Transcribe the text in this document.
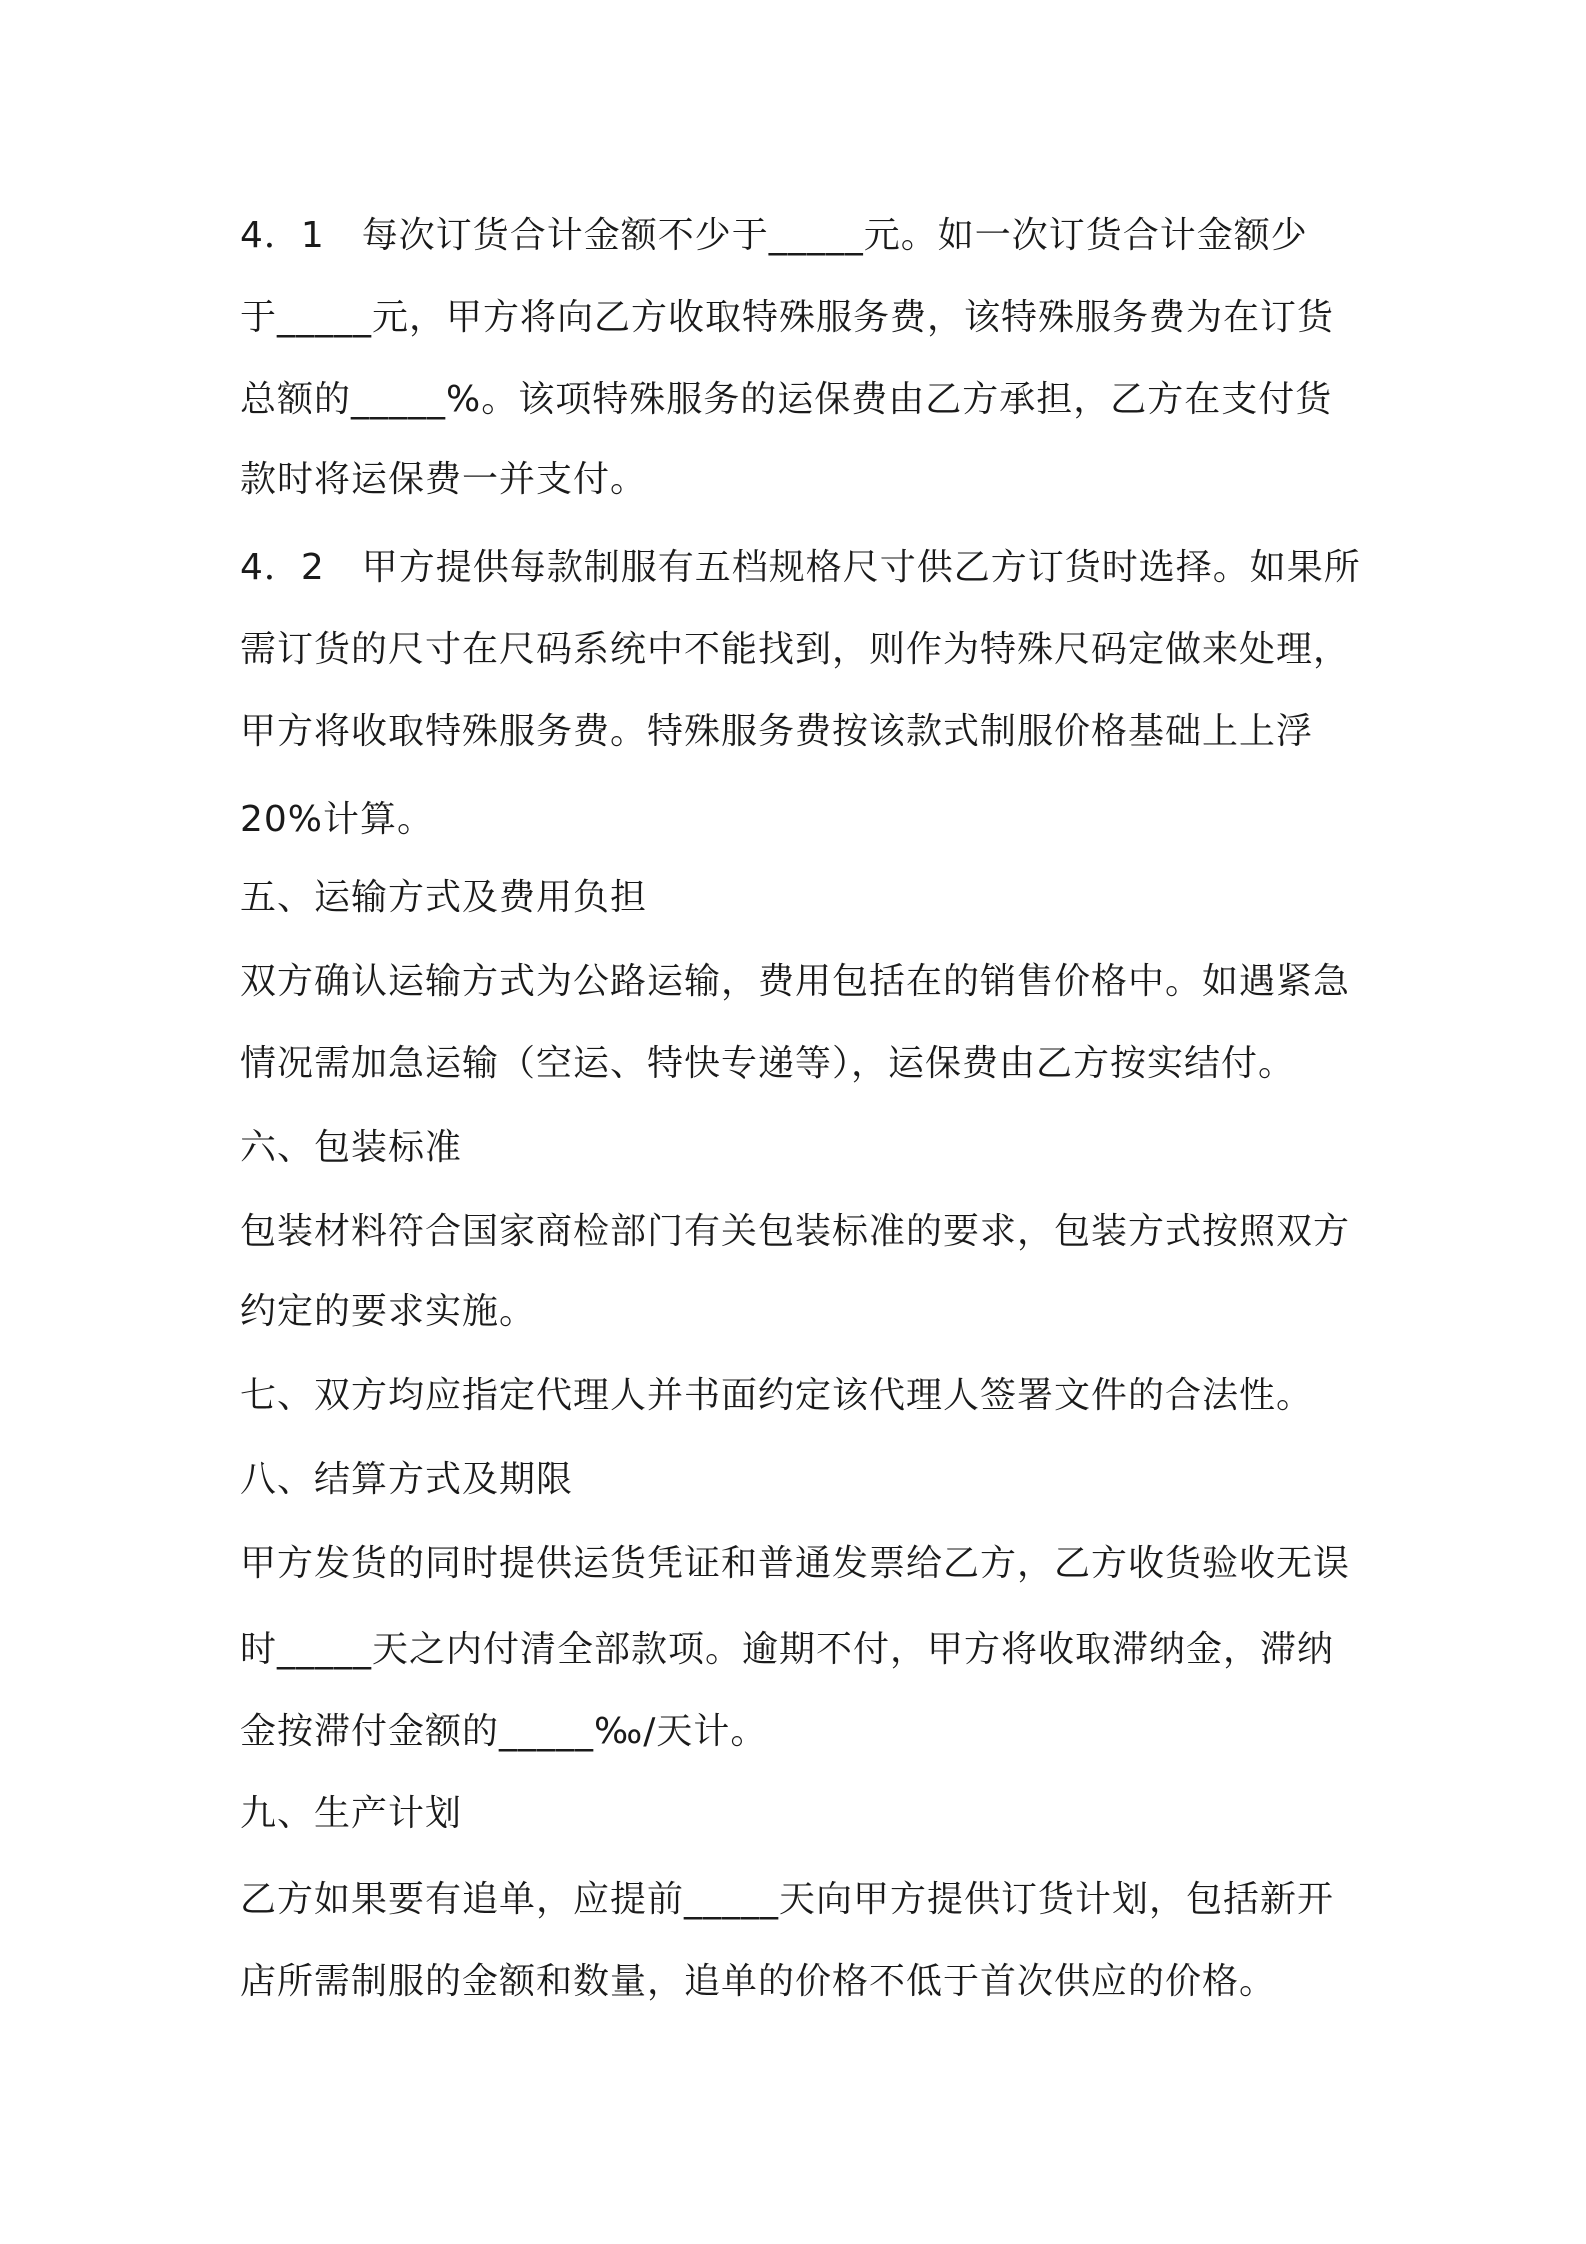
4．1　每次订货合计金额不少于_____元。如一次订货合计金额少
于_____元，甲方将向乙方收取特殊服务费，该特殊服务费为在订货
总额的_____%。该项特殊服务的运保费由乙方承担，乙方在支付货
款时将运保费一并支付。
4．2　甲方提供每款制服有五档规格尺寸供乙方订货时选择。如果所
需订货的尺寸在尺码系统中不能找到，则作为特殊尺码定做来处理，
甲方将收取特殊服务费。特殊服务费按该款式制服价格基础上上浮
20%计算。
五、运输方式及费用负担
双方确认运输方式为公路运输，费用包括在的销售价格中。如遇紧急
情况需加急运输（空运、特快专递等），运保费由乙方按实结付。
六、包装标准
包装材料符合国家商检部门有关包装标准的要求，包装方式按照双方
约定的要求实施。
七、双方均应指定代理人并书面约定该代理人签署文件的合法性。
八、结算方式及期限
甲方发货的同时提供运货凭证和普通发票给乙方，乙方收货验收无误
时_____天之内付清全部款项。逾期不付，甲方将收取滞纳金，滞纳
金按滞付金额的_____‰/天计。
九、生产计划
乙方如果要有追单，应提前_____天向甲方提供订货计划，包括新开
店所需制服的金额和数量，追单的价格不低于首次供应的价格。
